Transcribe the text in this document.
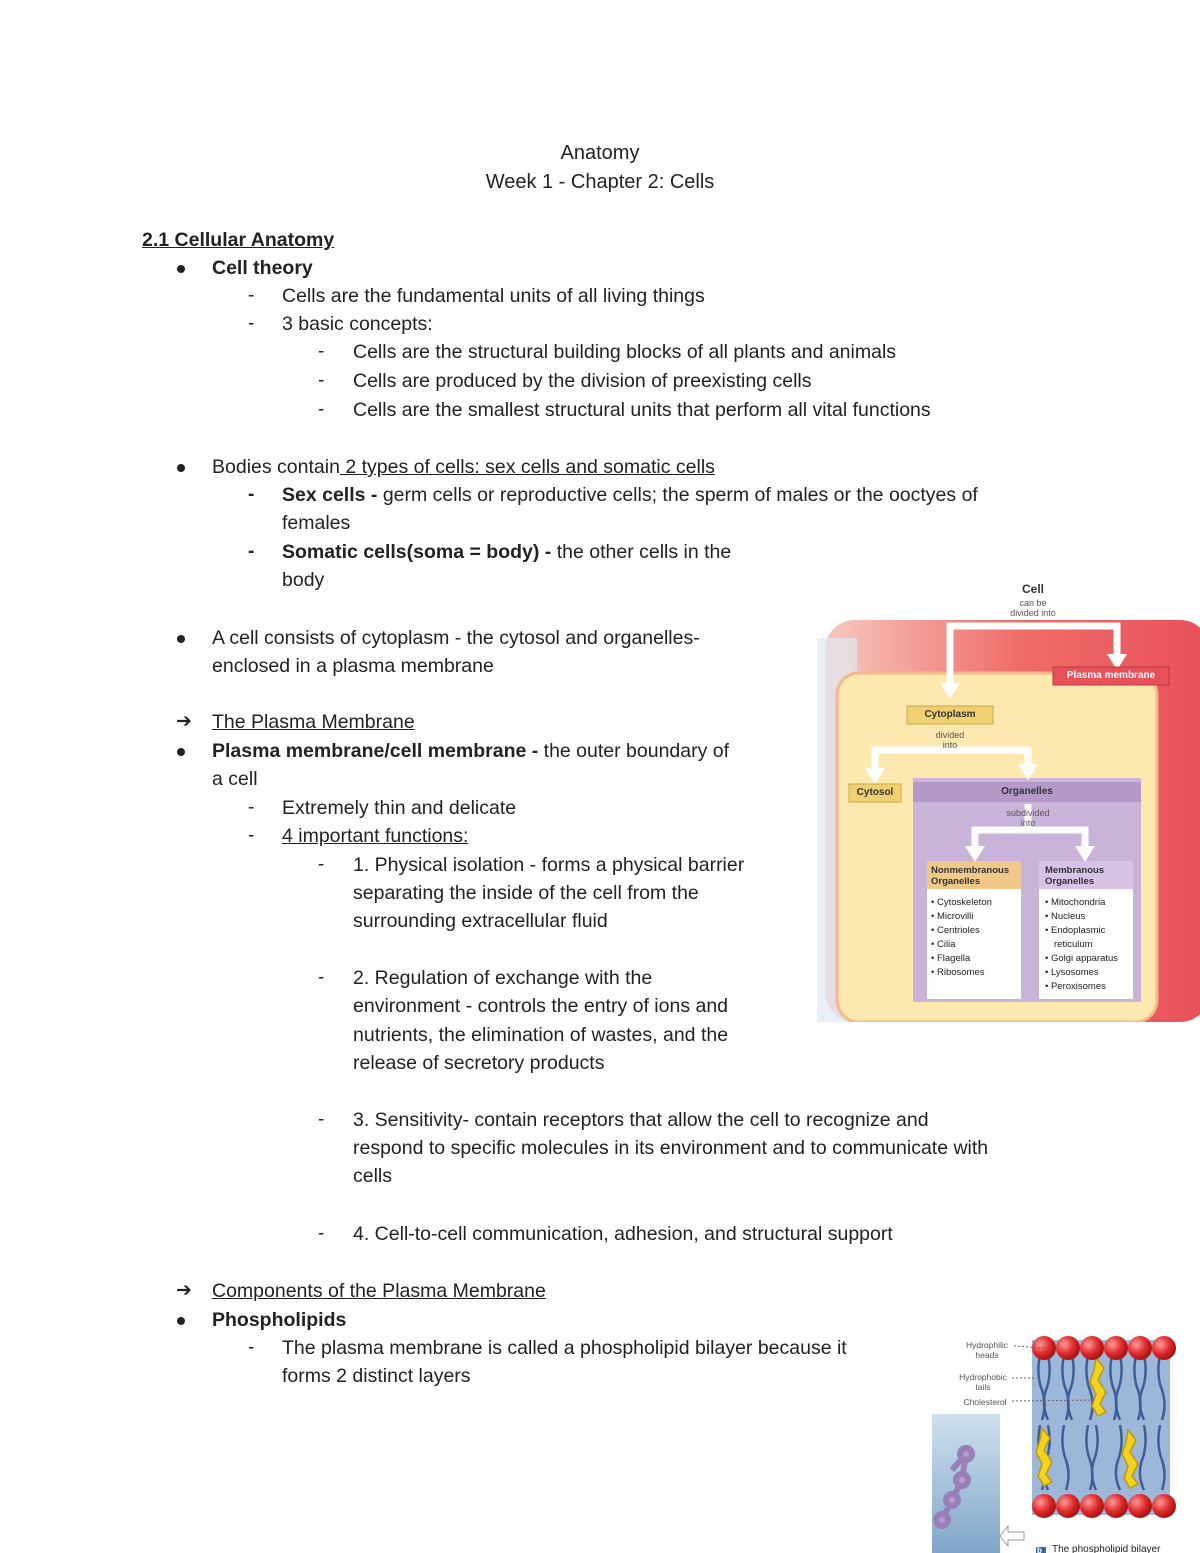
Anatomy
Week 1 - Chapter 2: Cells
2.1 Cellular Anatomy
Cell theory
- Cells are the fundamental units of all living things
- 3 basic concepts:
- Cells are the structural building blocks of all plants and animals
- Cells are produced by the division of preexisting cells
- Cells are the smallest structural units that perform all vital functions
Bodies contain 2 types of cells: sex cells and somatic cells
- Sex cells - germ cells or reproductive cells; the sperm of males or the ooctyes of
females
- Somatic cells(soma = body) - the other cells in the
body
A cell consists of cytoplasm - the cytosol and organelles-
enclosed in a plasma membrane
➔ The Plasma Membrane
Plasma membrane/cell membrane - the outer boundary of
a cell
- Extremely thin and delicate
- 4 important functions:
- 1. Physical isolation - forms a physical barrier
separating the inside of the cell from the
surrounding extracellular fluid
- 2. Regulation of exchange with the
environment - controls the entry of ions and
nutrients, the elimination of wastes, and the
release of secretory products
- 3. Sensitivity- contain receptors that allow the cell to recognize and
respond to specific molecules in its environment and to communicate with
cells
- 4. Cell-to-cell communication, adhesion, and structural support
➔ Components of the Plasma Membrane
Phospholipids
- The plasma membrane is called a phospholipid bilayer because it
forms 2 distinct layers
Cell
can be
divided into
Plasma membrane
Cytoplasm
divided
into
Cytosol	Organelles
subdivided
into
Nonmembranous
Organelles
Membranous
Organelles
• Cytoskeleton
• Microvilli
• Centrioles
• Cilia
• Flagella
• Ribosomes
• Mitochondria
• Nucleus
• Endoplasmic
reticulum
• Golgi apparatus
• Lysosomes
• Peroxisomes
Hydrophilic
heads
Hydrophobic
tails
Cholesterol
b The phospholipid bilayer
